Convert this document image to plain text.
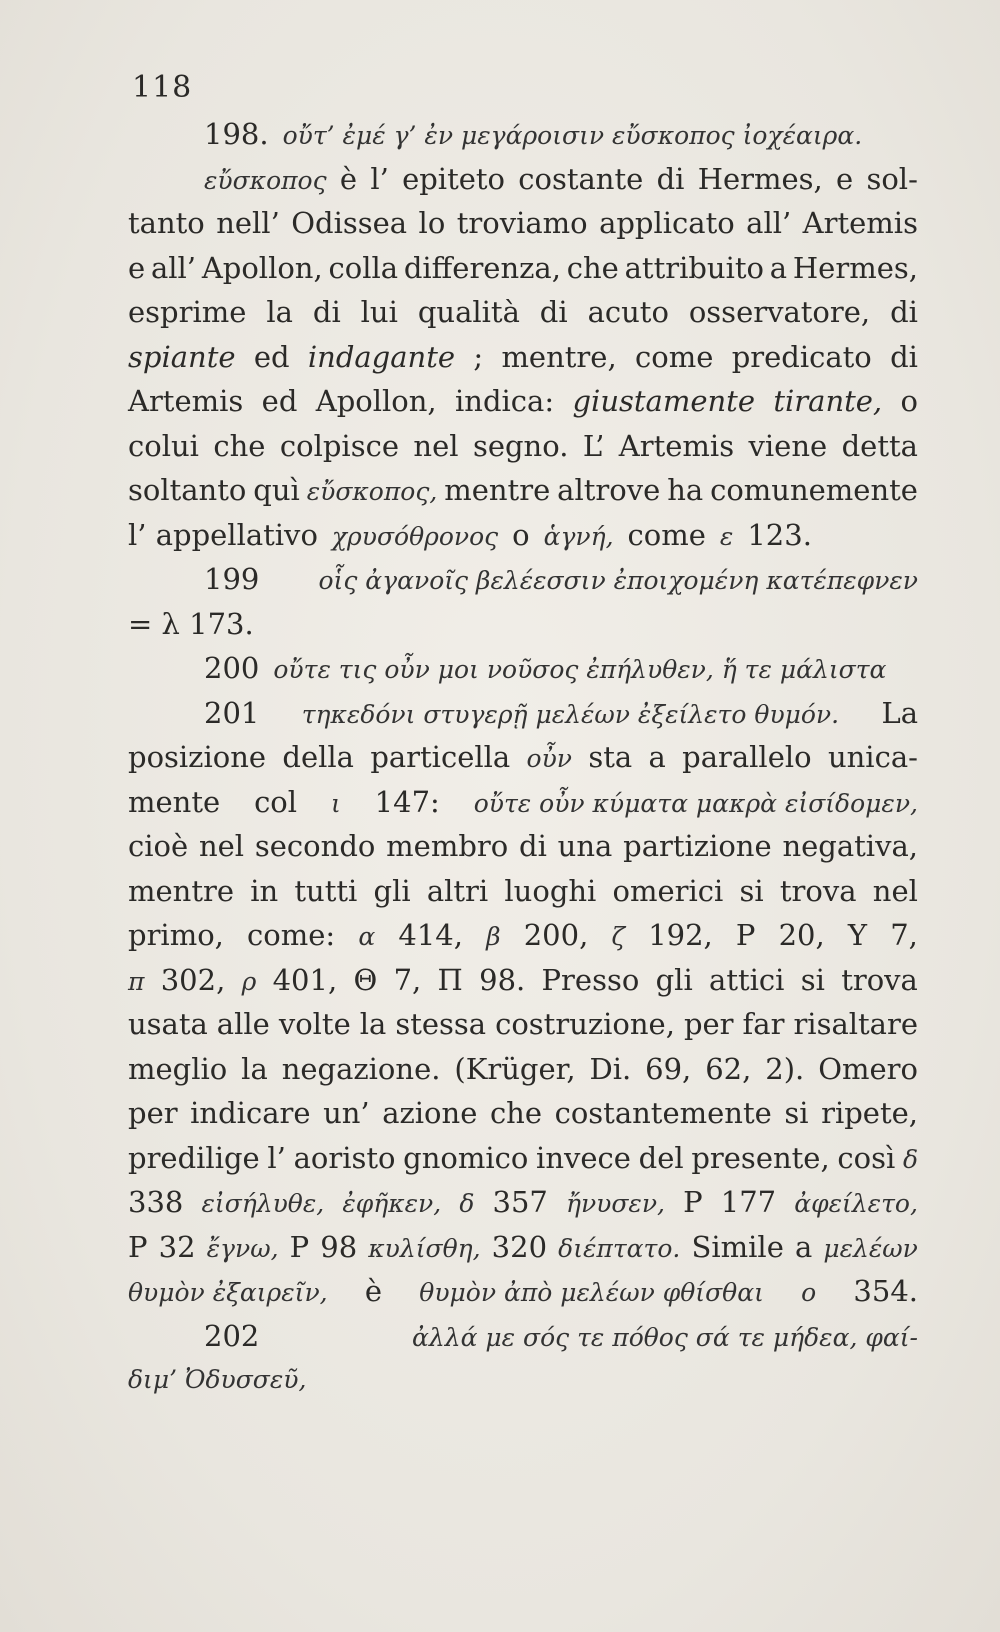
118
198. οὔτ’ ἐμέ γ’ ἐν μεγάροισιν εὔσκοπος ἰοχέαιρα.
εὔσκοπος è l’ epiteto costante di Hermes, e sol-
tanto nell’ Odissea lo troviamo applicato all’ Artemis
e all’ Apollon, colla differenza, che attribuito a Hermes,
esprime la di lui qualità di acuto osservatore, di
spiante ed indagante ; mentre, come predicato di
Artemis ed Apollon, indica: giustamente tirante, o
colui che colpisce nel segno. L’ Artemis viene detta
soltanto quì εὔσκοπος, mentre altrove ha comunemente
l’ appellativo χρυσόθρονος o ἁγνή, come ε 123.
199 οἷς ἀγανοῖς βελέεσσιν ἐποιχομένη κατέπεφνεν
= λ 173.
200 οὔτε τις οὖν μοι νοῦσος ἐπήλυθεν, ἥ τε μάλιστα
201 τηκεδόνι στυγερῇ μελέων ἐξείλετο θυμόν. La
posizione della particella οὖν sta a parallelo unica-
mente col ι 147: οὔτε οὖν κύματα μακρὰ εἰσίδομεν,
cioè nel secondo membro di una partizione negativa,
mentre in tutti gli altri luoghi omerici si trova nel
primo, come: α 414, β 200, ζ 192, Ρ 20, Υ 7,
π 302, ρ 401, Θ 7, Π 98. Presso gli attici si trova
usata alle volte la stessa costruzione, per far risaltare
meglio la negazione. (Krüger, Di. 69, 62, 2). Omero
per indicare un’ azione che costantemente si ripete,
predilige l’ aoristo gnomico invece del presente, così δ
338 εἰσήλυθε, ἐφῆκεν, δ 357 ἤνυσεν, P 177 ἀφείλετο,
P 32 ἔγνω, P 98 κυλίσθη, 320 διέπτατο. Simile a μελέων
θυμὸν ἐξαιρεῖν, è θυμὸν ἀπὸ μελέων φθίσθαι ο 354.
202	ἀλλά με σός τε πόθος σά τε μήδεα, φαί-
διμ’ Ὀδυσσεῦ,
